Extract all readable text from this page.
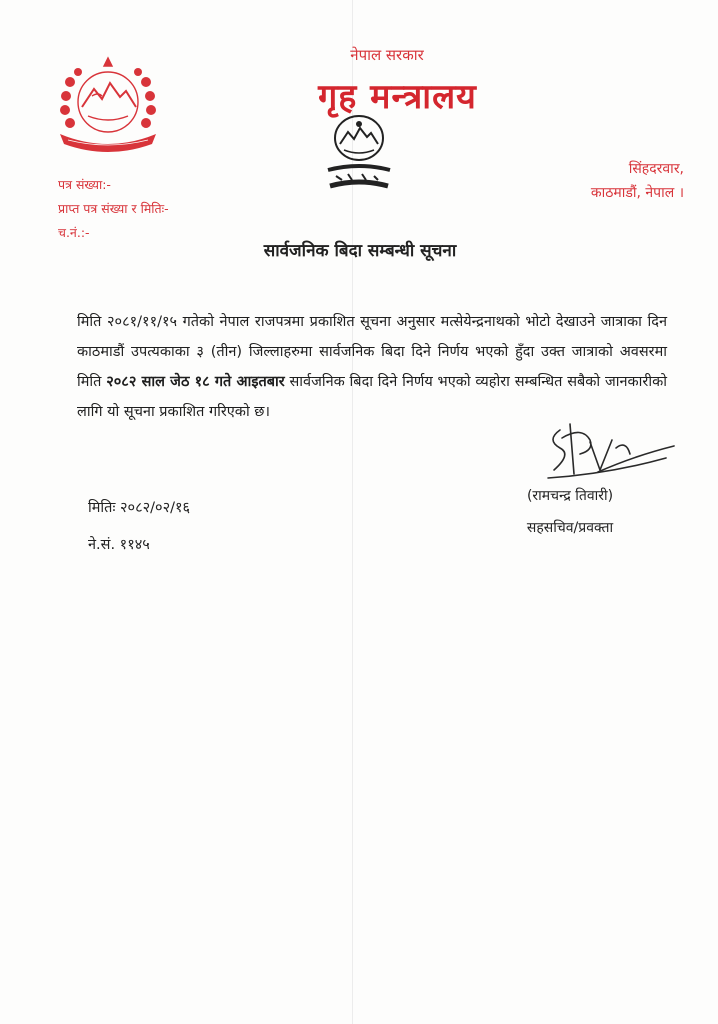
नेपाल सरकार
गृह मन्त्रालय
सिंहदरवार,
काठमाडौं, नेपाल ।
पत्र संख्या:-
प्राप्त पत्र संख्या र मितिः-
च.नं.:-
सार्वजनिक बिदा सम्बन्धी सूचना
मिति २०८१/११/१५ गतेको नेपाल राजपत्रमा प्रकाशित सूचना अनुसार मत्सेयेन्द्रनाथको भोटो देखाउने जात्राका दिन काठमाडौं उपत्यकाका ३ (तीन) जिल्लाहरुमा सार्वजनिक बिदा दिने निर्णय भएको हुँदा उक्त जात्राको अवसरमा मिति २०८२ साल जेठ १८ गते आइतबार सार्वजनिक बिदा दिने निर्णय भएको व्यहोरा सम्बन्धित सबैको जानकारीको लागि यो सूचना प्रकाशित गरिएको छ।
मितिः २०८२/०२/१६
ने.सं. ११४५
(रामचन्द्र तिवारी)
सहसचिव/प्रवक्ता
